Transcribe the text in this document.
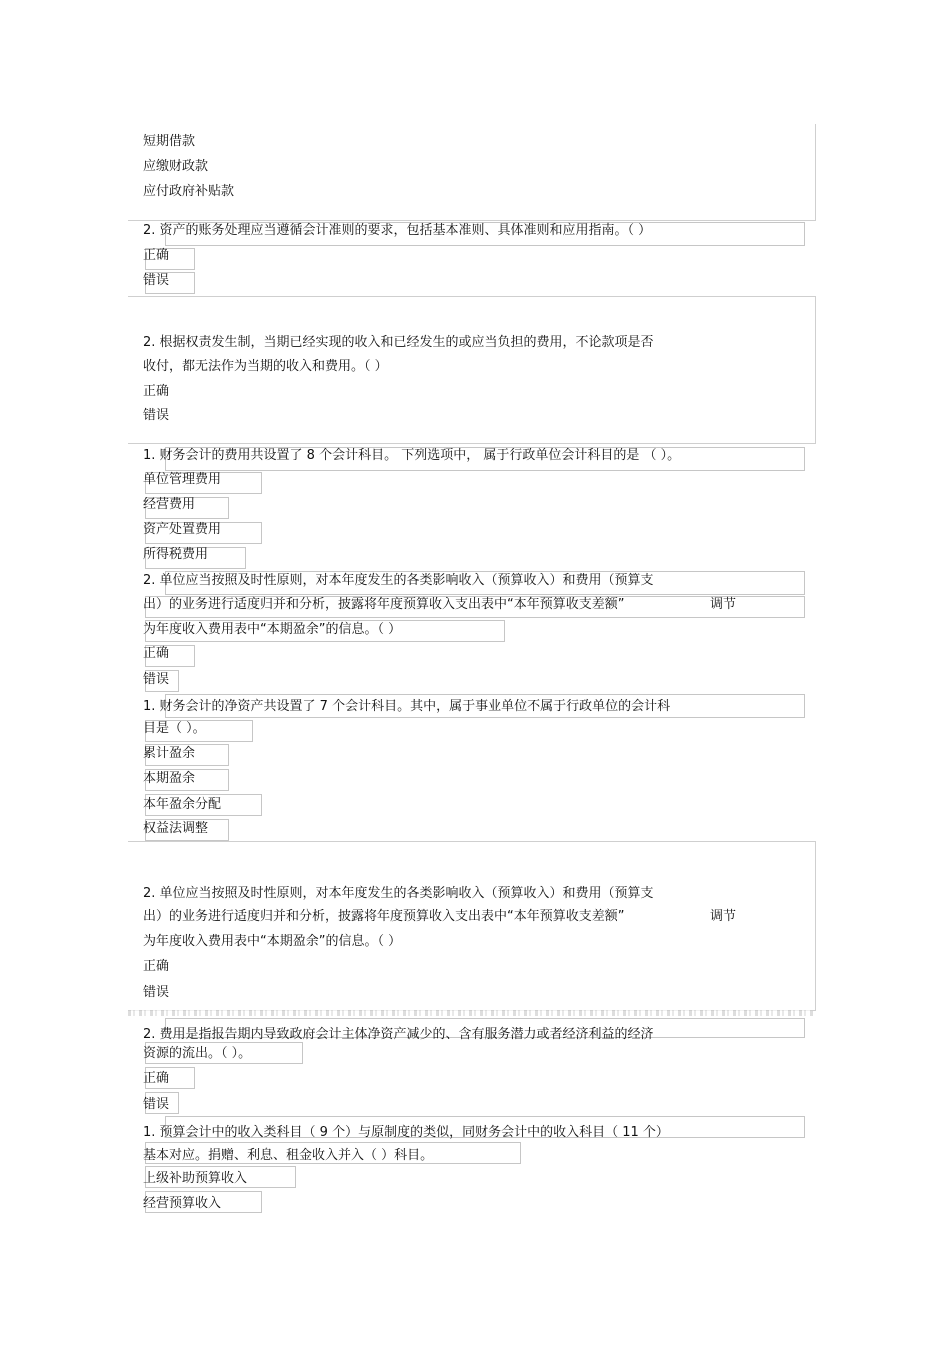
短期借款
应缴财政款
应付政府补贴款
2. 资产的账务处理应当遵循会计准则的要求，包括基本准则、具体准则和应用指南。（ ）
正确
错误
2. 根据权责发生制，当期已经实现的收入和已经发生的或应当负担的费用，不论款项是否
收付，都无法作为当期的收入和费用。（ ）
正确
错误
1. 财务会计的费用共设置了 8 个会计科目。 下列选项中， 属于行政单位会计科目的是 （ ）。
单位管理费用
经营费用
资产处置费用
所得税费用
2. 单位应当按照及时性原则，对本年度发生的各类影响收入（预算收入）和费用（预算支
出）的业务进行适度归并和分析，披露将年度预算收入支出表中“本年预算收支差额”	调节
为年度收入费用表中“本期盈余”的信息。（ ）
正确
错误
1. 财务会计的净资产共设置了 7 个会计科目。其中，属于事业单位不属于行政单位的会计科
目是（ ）。
累计盈余
本期盈余
本年盈余分配
权益法调整
2. 单位应当按照及时性原则，对本年度发生的各类影响收入（预算收入）和费用（预算支
出）的业务进行适度归并和分析，披露将年度预算收入支出表中“本年预算收支差额”	调节
为年度收入费用表中“本期盈余”的信息。（ ）
正确
错误
2. 费用是指报告期内导致政府会计主体净资产减少的、含有服务潜力或者经济利益的经济
资源的流出。（ ）。
正确
错误
1. 预算会计中的收入类科目（ 9 个）与原制度的类似，同财务会计中的收入科目（ 11 个）
基本对应。捐赠、利息、租金收入并入（ ）科目。
上级补助预算收入
经营预算收入
